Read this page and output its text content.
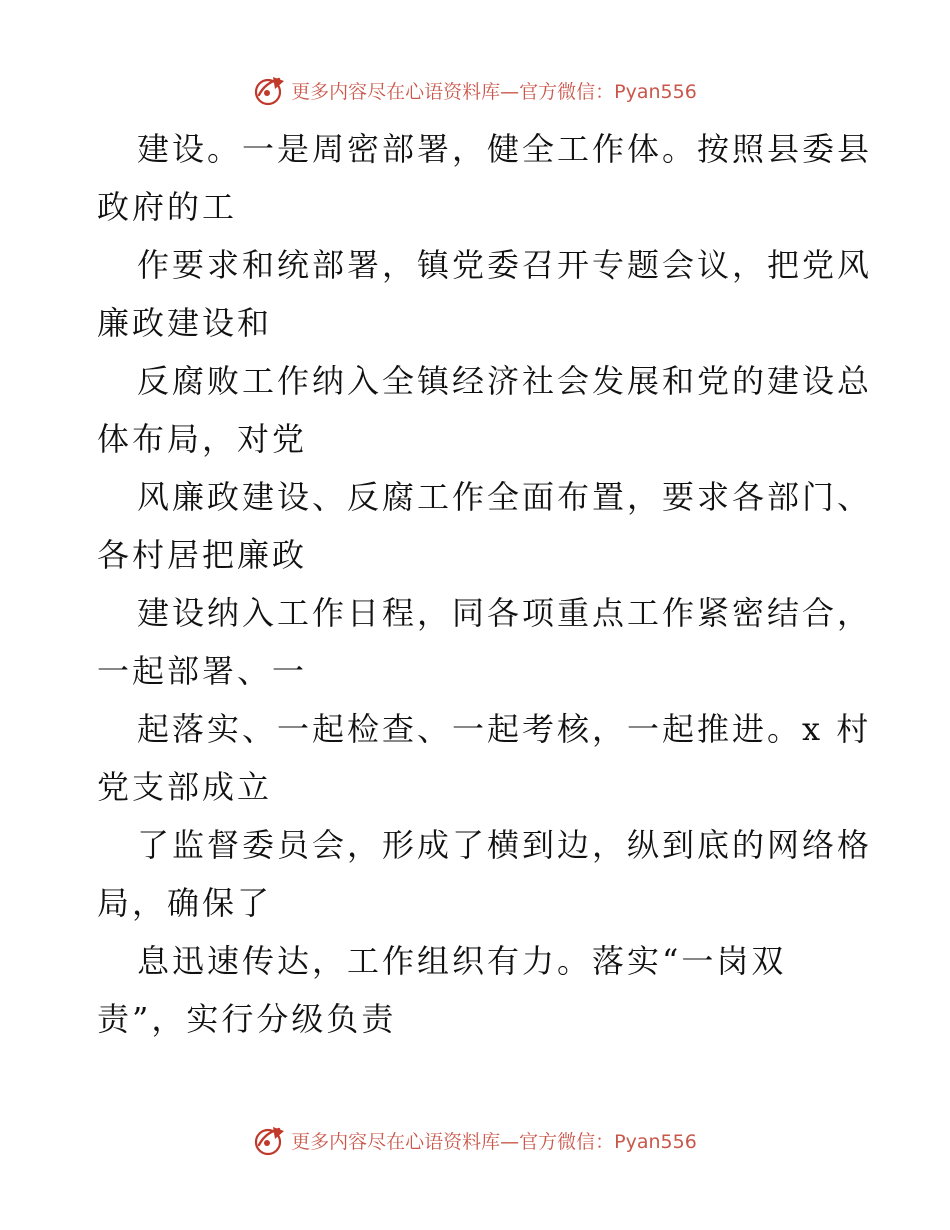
更多内容尽在心语资料库—官方微信：Pyan556
建设。一是周密部署，健全工作体。按照县委县
政府的工
作要求和统部署，镇党委召开专题会议，把党风
廉政建设和
反腐败工作纳入全镇经济社会发展和党的建设总
体布局，对党
风廉政建设、反腐工作全面布置，要求各部门、
各村居把廉政
建设纳入工作日程，同各项重点工作紧密结合，
一起部署、一
起落实、一起检查、一起考核，一起推进。x 村
党支部成立
了监督委员会，形成了横到边，纵到底的网络格
局，确保了
息迅速传达，工作组织有力。落实“一岗双
责”，实行分级负责
更多内容尽在心语资料库—官方微信：Pyan556
